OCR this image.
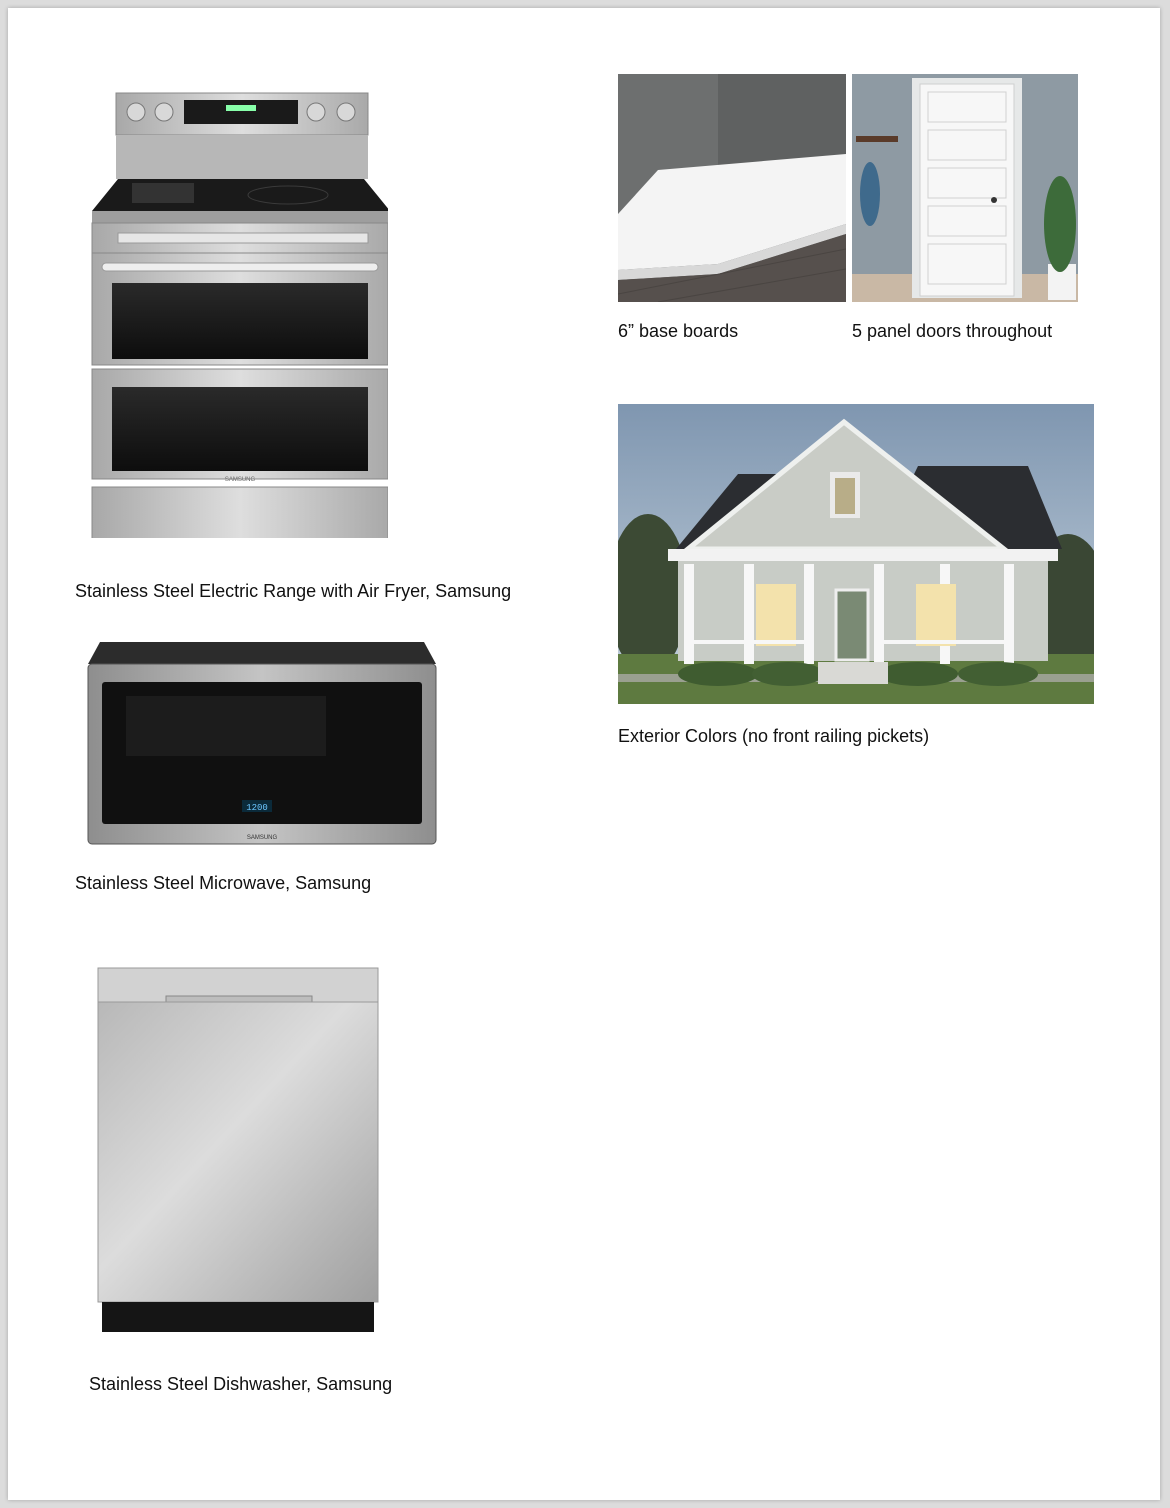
SAMSUNG
Stainless Steel Electric Range with Air Fryer, Samsung
1200
SAMSUNG
Stainless Steel Microwave, Samsung
Stainless Steel Dishwasher, Samsung
6” base boards	5 panel doors throughout
Exterior Colors (no front railing pickets)
